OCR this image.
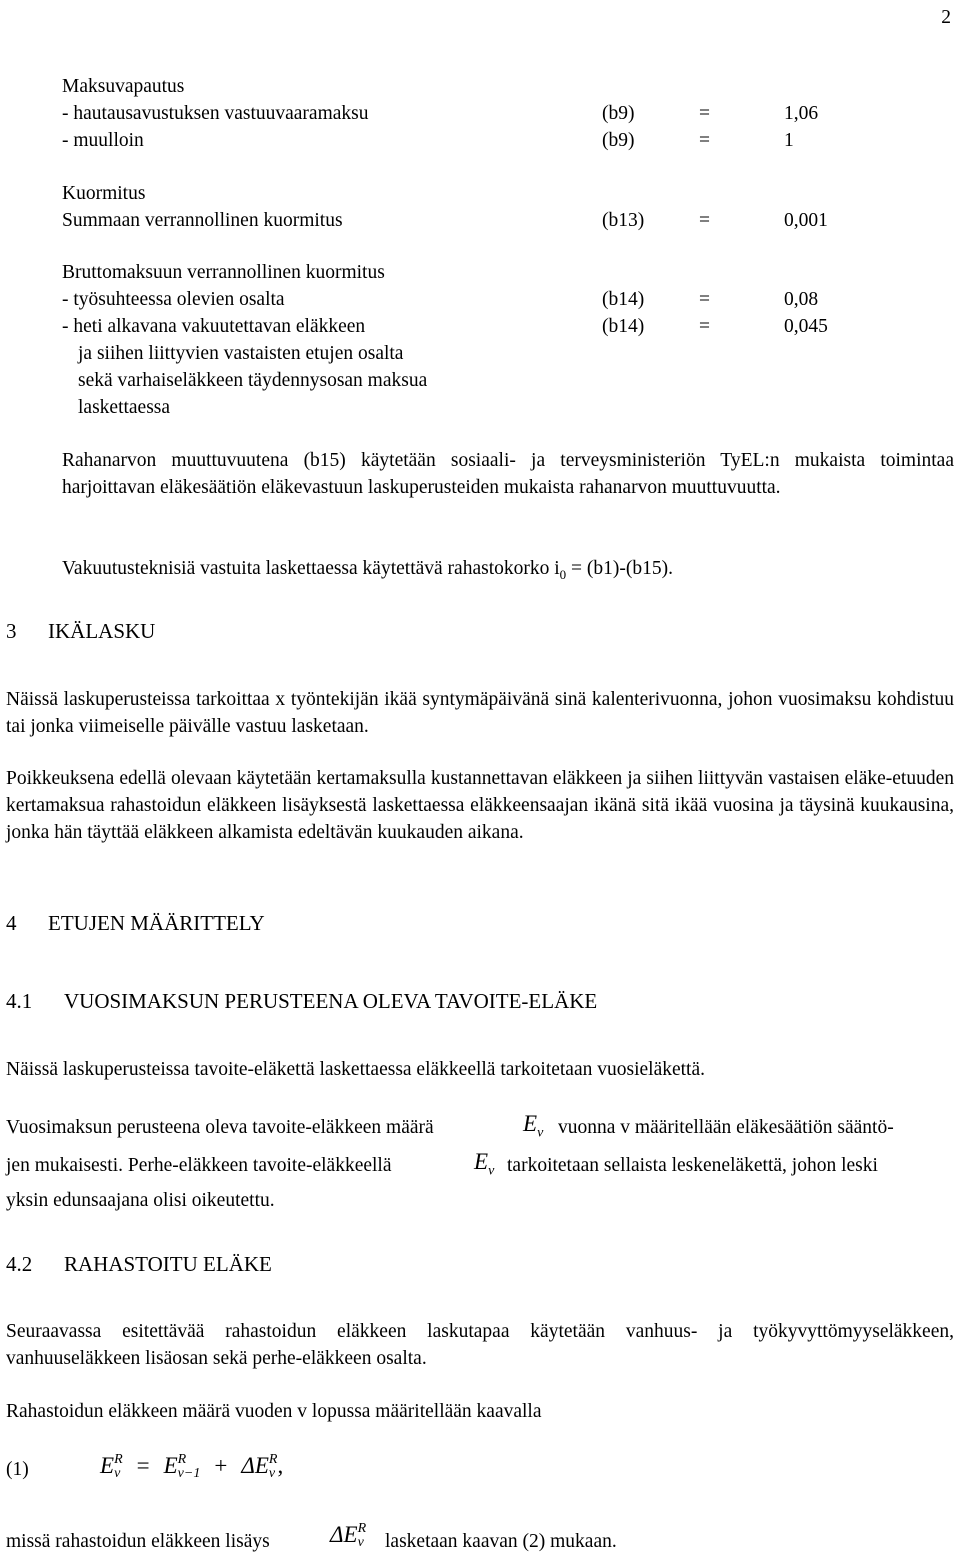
2
Maksuvapautus
- hautausavustuksen vastuuvaaramaksu	(b9)	=	1,06
- muulloin	(b9)	=	1
Kuormitus
Summaan verrannollinen kuormitus	(b13)	=	0,001
Bruttomaksuun verrannollinen kuormitus
- työsuhteessa olevien osalta	(b14)	=	0,08
- heti alkavana vakuutettavan eläkkeen	(b14)	=	0,045
ja siihen liittyvien vastaisten etujen osalta
sekä varhaiseläkkeen täydennysosan maksua
laskettaessa
Rahanarvon muuttuvuutena (b15) käytetään sosiaali- ja terveysministeriön TyEL:n mukaista toimintaa harjoittavan eläkesäätiön eläkevastuun laskuperusteiden mukaista rahanarvon muuttuvuutta.
Vakuutusteknisiä vastuita laskettaessa käytettävä rahastokorko $i_0 = (b1)-(b15)$.
3 IKÄLASKU
Näissä laskuperusteissa tarkoittaa x työntekijän ikää syntymäpäivänä sinä kalenterivuonna, johon vuosimaksu kohdistuu tai jonka viimeiselle päivälle vastuu lasketaan.
Poikkeuksena edellä olevaan käytetään kertamaksulla kustannettavan eläkkeen ja siihen liittyvän vastaisen eläke-etuuden kertamaksua rahastoidun eläkkeen lisäyksestä laskettaessa eläkkeensaajan ikänä sitä ikää vuosina ja täysinä kuukausina, jonka hän täyttää eläkkeen alkamista edeltävän kuukauden aikana.
4 ETUJEN MÄÄRITTELY
4.1 VUOSIMAKSUN PERUSTEENA OLEVA TAVOITE-ELÄKE
Näissä laskuperusteissa tavoite-eläkettä laskettaessa eläkkeellä tarkoitetaan vuosieläkettä.
Vuosimaksun perusteena oleva tavoite-eläkkeen määrä	$E_v$ vuonna v määritellään eläkesäätiön sääntö-
jen mukaisesti. Perhe-eläkkeen tavoite-eläkkeellä	$E_v$ tarkoitetaan sellaista leskeneläkettä, johon leski
yksin edunsaajana olisi oikeutettu.
4.2 RAHASTOITU ELÄKE
Seuraavassa esitettävää rahastoidun eläkkeen laskutapaa käytetään vanhuus- ja työkyvyttömyyseläkkeen, vanhuuseläkkeen lisäosan sekä perhe-eläkkeen osalta.
Rahastoidun eläkkeen määrä vuoden v lopussa määritellään kaavalla
(1)	E R
v = E R
v−1 + ΔE R
v ,
missä rahastoidun eläkkeen lisäys	ΔE R
v lasketaan kaavan (2) mukaan.
